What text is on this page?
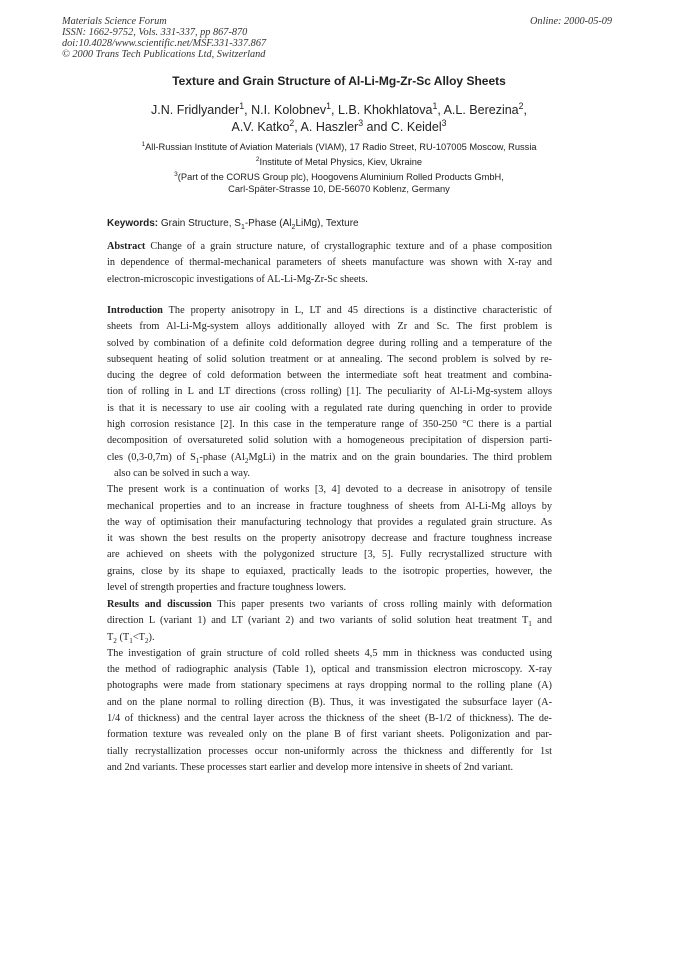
Materials Science Forum
ISSN: 1662-9752, Vols. 331-337, pp 867-870
doi:10.4028/www.scientific.net/MSF.331-337.867
© 2000 Trans Tech Publications Ltd, Switzerland
Online: 2000-05-09
Texture and Grain Structure of Al-Li-Mg-Zr-Sc Alloy Sheets
J.N. Fridlyander$^1$, N.I. Kolobnev$^1$, L.B. Khokhlatova$^1$, A.L. Berezina$^2$,
A.V. Katko$^2$, A. Haszler$^3$ and C. Keidel$^3$
$^1$All-Russian Institute of Aviation Materials (VIAM), 17 Radio Street, RU-107005 Moscow, Russia
$^2$Institute of Metal Physics, Kiev, Ukraine
$^3$(Part of the CORUS Group plc), Hoogovens Aluminium Rolled Products GmbH,
Carl-Später-Strasse 10, DE-56070 Koblenz, Germany
Keywords: Grain Structure, $S_1$-Phase $(Al_2LiMg)$, Texture
Abstract Change of a grain structure nature, of crystallographic texture and of a phase composition
in dependence of thermal-mechanical parameters of sheets manufacture was shown with X-ray and
electron-microscopic investigations of AL-Li-Mg-Zr-Sc sheets.
Introduction The property anisotropy in L, LT and 45 directions is a distinctive characteristic of
sheets from Al-Li-Mg-system alloys additionally alloyed with Zr and Sc. The first problem is
solved by combination of a definite cold deformation degree during rolling and a temperature of the
subsequent heating of solid solution treatment or at annealing. The second problem is solved by re-
ducing the degree of cold deformation between the intermediate soft heat treatment and combina-
tion of rolling in L and LT directions (cross rolling) [1]. The peculiarity of Al-Li-Mg-system alloys
is that it is necessary to use air cooling with a regulated rate during quenching in order to provide
high corrosion resistance [2]. In this case in the temperature range of 350-250 °C there is a partial
decomposition of oversatureted solid solution with a homogeneous precipitation of dispersion parti-
cles (0,3-0,7m) of $S_1$-phase $(Al_2MgLi)$ in the matrix and on the grain boundaries. The third problem
also can be solved in such a way.
The present work is a continuation of works [3, 4] devoted to a decrease in anisotropy of tensile
mechanical properties and to an increase in fracture toughness of sheets from Al-Li-Mg alloys by
the way of optimisation their manufacturing technology that provides a regulated grain structure. As
it was shown the best results on the property anisotropy decrease and fracture toughness increase
are achieved on sheets with the polygonized structure [3, 5]. Fully recrystallized structure with
grains, close by its shape to equiaxed, practically leads to the isotropic properties, however, the
level of strength properties and fracture toughness lowers.
Results and discussion This paper presents two variants of cross rolling mainly with deformation
direction L (variant 1) and LT (variant 2) and two variants of solid solution heat treatment $T_1$ and
$T_2$ $(T_1<T_2)$.
The investigation of grain structure of cold rolled sheets 4,5 mm in thickness was conducted using
the method of radiographic analysis (Table 1), optical and transmission electron microscopy. X-ray
photographs were made from stationary specimens at rays dropping normal to the rolling plane (A)
and on the plane normal to rolling direction (B). Thus, it was investigated the subsurface layer (A-
1/4 of thickness) and the central layer across the thickness of the sheet (B-1/2 of thickness). The de-
formation texture was revealed only on the plane B of first variant sheets. Poligonization and par-
tially recrystallization processes occur non-uniformly across the thickness and differently for 1st
and 2nd variants. These processes start earlier and develop more intensive in sheets of 2nd variant.
